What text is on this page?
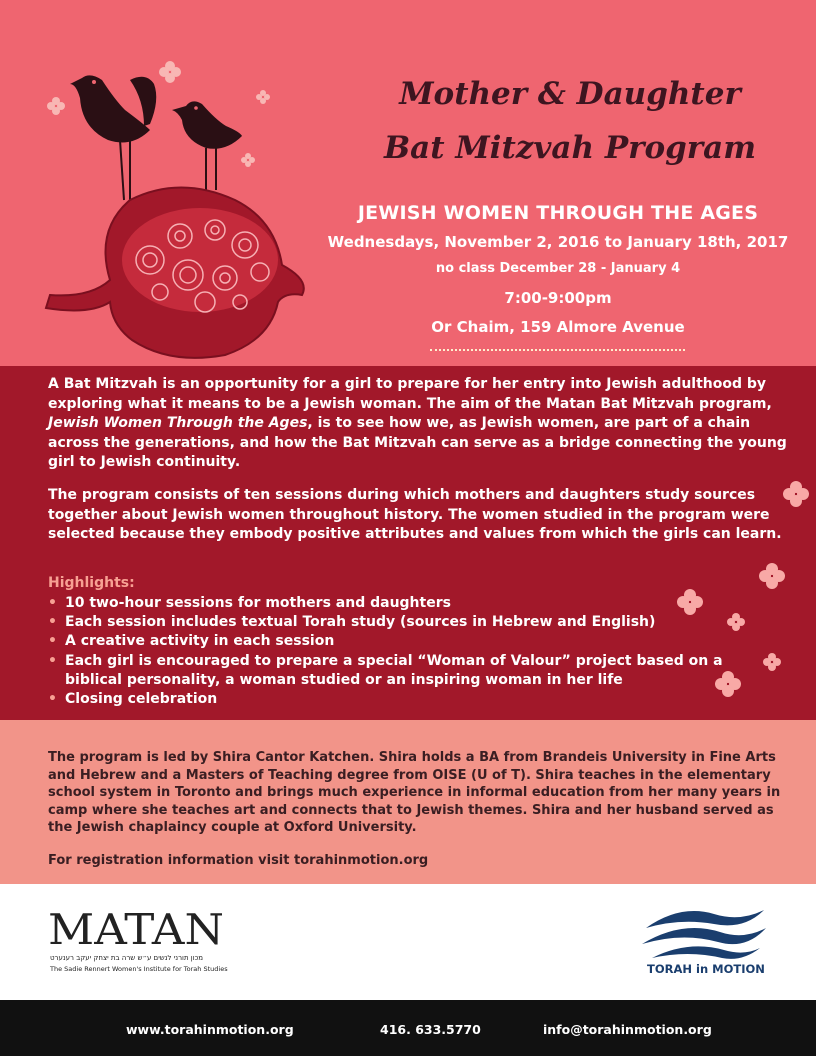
Mother & Daughter
Bat Mitzvah Program
JEWISH WOMEN THROUGH THE AGES
Wednesdays, November 2, 2016 to January 18th, 2017
no class December 28 - January 4
7:00-9:00pm
Or Chaim, 159 Almore Avenue

A Bat Mitzvah is an opportunity for a girl to prepare for her entry into Jewish adulthood by exploring what it means to be a Jewish woman. The aim of the Matan Bat Mitzvah program, Jewish Women Through the Ages, is to see how we, as Jewish women, are part of a chain across the generations, and how the Bat Mitzvah can serve as a bridge connecting the young girl to Jewish continuity.

The program consists of ten sessions during which mothers and daughters study sources together about Jewish women throughout history. The women studied in the program were selected because they embody positive attributes and values from which the girls can learn.

Highlights:
• 10 two-hour sessions for mothers and daughters
• Each session includes textual Torah study (sources in Hebrew and English)
• A creative activity in each session
• Each girl is encouraged to prepare a special “Woman of Valour” project based on a biblical personality, a woman studied or an inspiring woman in her life
• Closing celebration

The program is led by Shira Cantor Katchen. Shira holds a BA from Brandeis University in Fine Arts and Hebrew and a Masters of Teaching degree from OISE (U of T). Shira teaches in the elementary school system in Toronto and brings much experience in informal education from her many years in camp where she teaches art and connects that to Jewish themes. Shira and her husband served as the Jewish chaplaincy couple at Oxford University.

For registration information visit torahinmotion.org

MATAN
מכון תורני לנשים ע״ש שרה בת יצחק יעקב רענערט
The Sadie Rennert Women's Institute for Torah Studies	TORAH in MOTION
www.torahinmotion.org	416. 633.5770	info@torahinmotion.org
